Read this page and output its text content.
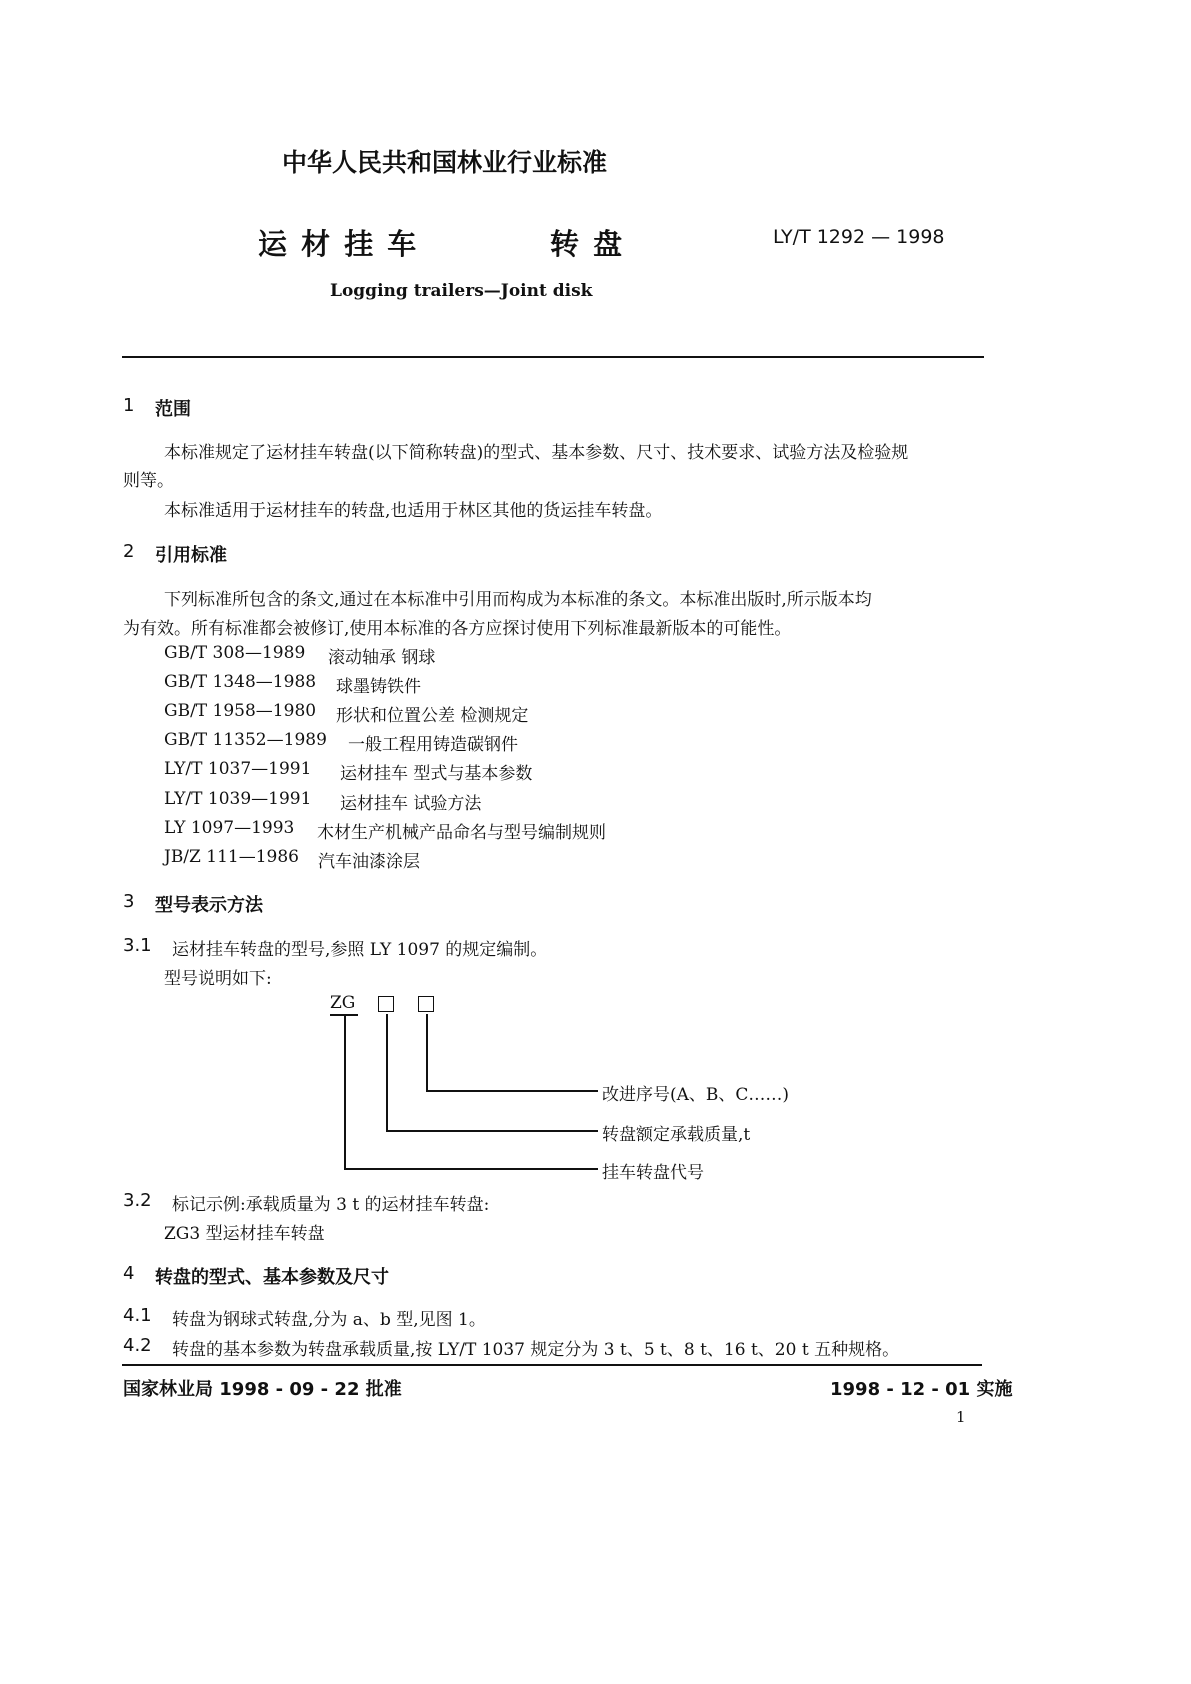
中华人民共和国林业行业标准
运 材 挂 车	转 盘	LY/T 1292 — 1998
Logging trailers—Joint disk
1 范围
本标准规定了运材挂车转盘(以下简称转盘)的型式、基本参数、尺寸、技术要求、试验方法及检验规
则等。
本标准适用于运材挂车的转盘,也适用于林区其他的货运挂车转盘。
2 引用标准
下列标准所包含的条文,通过在本标准中引用而构成为本标准的条文。本标准出版时,所示版本均
为有效。所有标准都会被修订,使用本标准的各方应探讨使用下列标准最新版本的可能性。
GB/T 308—1989 滚动轴承 钢球
GB/T 1348—1988 球墨铸铁件
GB/T 1958—1980 形状和位置公差 检测规定
GB/T 11352—1989 一般工程用铸造碳钢件
LY/T 1037—1991 运材挂车 型式与基本参数
LY/T 1039—1991 运材挂车 试验方法
LY 1097—1993 木材生产机械产品命名与型号编制规则
JB/Z 111—1986 汽车油漆涂层
3 型号表示方法
3.1 运材挂车转盘的型号,参照 LY 1097 的规定编制。
型号说明如下:
ZG
改进序号(A、B、C……)
转盘额定承载质量,t
挂车转盘代号
3.2 标记示例:承载质量为 3 t 的运材挂车转盘:
ZG3 型运材挂车转盘
4 转盘的型式、基本参数及尺寸
4.1 转盘为钢球式转盘,分为 a、b 型,见图 1。
4.2 转盘的基本参数为转盘承载质量,按 LY/T 1037 规定分为 3 t、5 t、8 t、16 t、20 t 五种规格。
国家林业局 1998 - 09 - 22 批准	1998 - 12 - 01 实施
1
